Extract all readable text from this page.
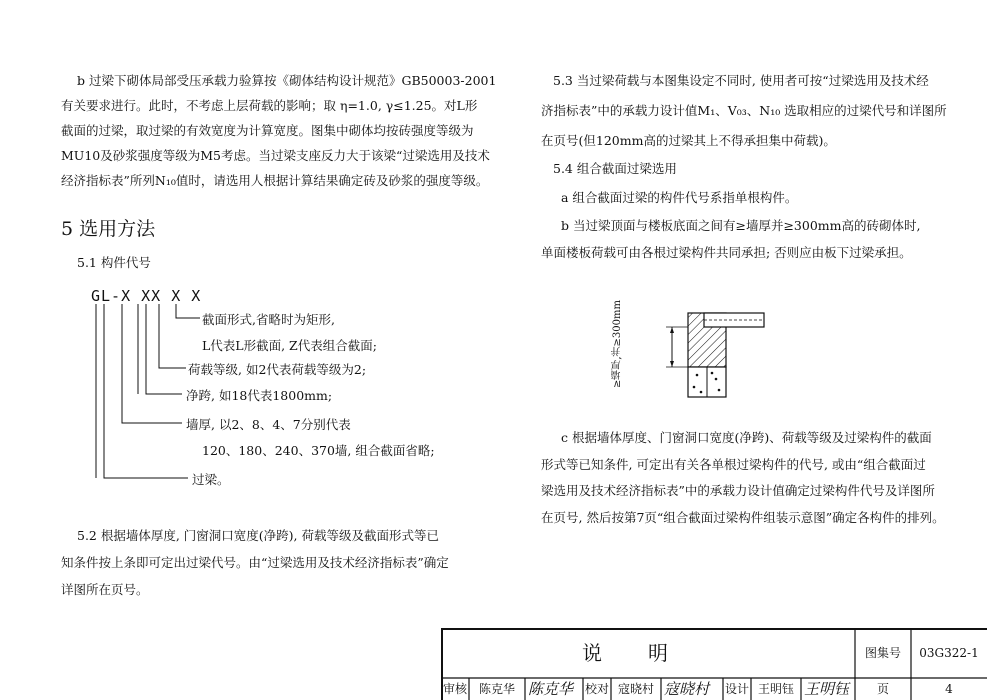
b 过梁下砌体局部受压承载力验算按《砌体结构设计规范》GB50003-2001
有关要求进行。此时，不考虑上层荷载的影响；取 η=1.0, γ≤1.25。对L形
截面的过梁，取过梁的有效宽度为计算宽度。图集中砌体均按砖强度等级为
MU10及砂浆强度等级为M5考虑。当过梁支座反力大于该梁“过梁选用及技术
经济指标表”所列N₁₀值时，请选用人根据计算结果确定砖及砂浆的强度等级。
5 选用方法
5.1 构件代号
GL-X XX X X
截面形式,省略时为矩形,
L代表L形截面, Z代表组合截面;
荷载等级, 如2代表荷载等级为2;
净跨, 如18代表1800mm;
墙厚, 以2、8、4、7分别代表
120、180、240、370墙, 组合截面省略;
过梁。
5.2 根据墙体厚度, 门窗洞口宽度(净跨), 荷载等级及截面形式等已
知条件按上条即可定出过梁代号。由“过梁选用及技术经济指标表”确定
详图所在页号。
5.3 当过梁荷载与本图集设定不同时, 使用者可按“过梁选用及技术经
济指标表”中的承载力设计值M₁、V₀₃、N₁₀ 选取相应的过梁代号和详图所
在页号(但120mm高的过梁其上不得承担集中荷载)。
5.4 组合截面过梁选用
a 组合截面过梁的构件代号系指单根构件。
b 当过梁顶面与楼板底面之间有≥墙厚并≥300mm高的砖砌体时,
单面楼板荷载可由各根过梁构件共同承担; 否则应由板下过梁承担。
≥墙厚,并≥300mm
c 根据墙体厚度、门窗洞口宽度(净跨)、荷载等级及过梁构件的截面
形式等已知条件, 可定出有关各单根过梁构件的代号, 或由“组合截面过
梁选用及技术经济指标表”中的承载力设计值确定过梁构件代号及详图所
在页号, 然后按第7页“组合截面过梁构件组装示意图”确定各构件的排列。
说明	图集号	03G322-1
审核 陈克华 陈克华 校对 寇晓村 寇晓村	设计 王明钰 王明钰	页	4
